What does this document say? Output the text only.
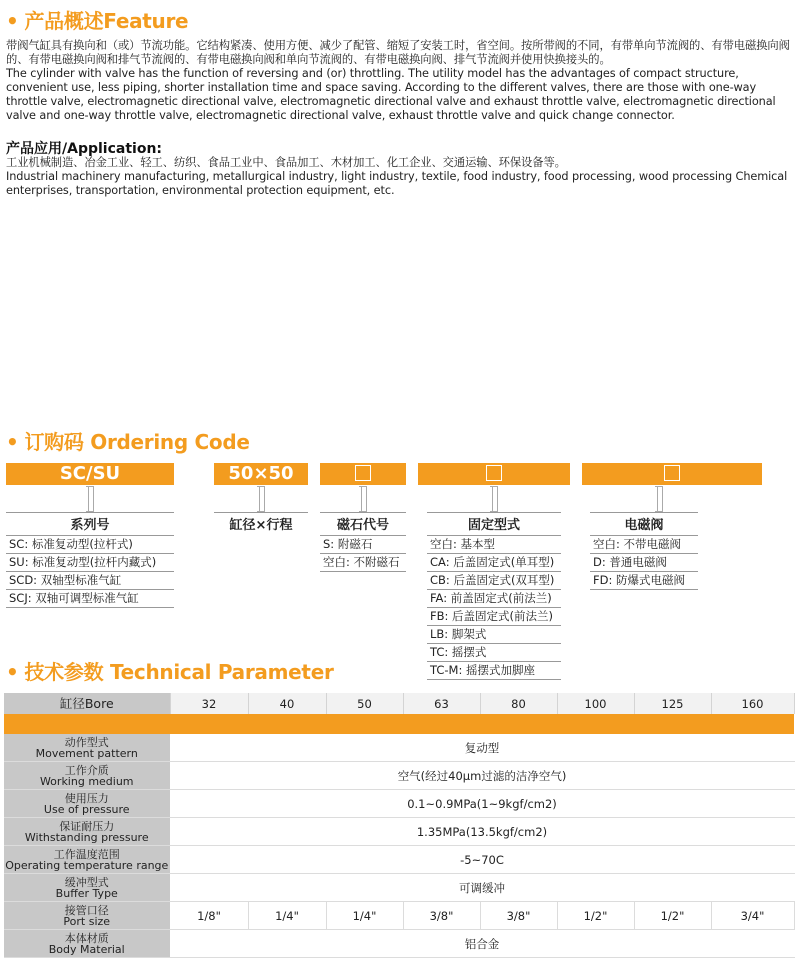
• 产品概述Feature

带阀气缸具有换向和（或）节流功能。它结构紧凑、使用方便、减少了配管、缩短了安装工时，省空间。按所带阀的不同，有带单向节流阀的、有带电磁换向阀的、有带电磁换向阀和排气节流阀的、有带电磁换向阀和单向节流阀的、有带电磁换向阀、排气节流阀并使用快换接头的。

The cylinder with valve has the function of reversing and (or) throttling. The utility model has the advantages of compact structure, convenient use, less piping, shorter installation time and space saving. According to the different valves, there are those with one-way throttle valve, electromagnetic directional valve, electromagnetic directional valve and exhaust throttle valve, electromagnetic directional valve and one-way throttle valve, electromagnetic directional valve, exhaust throttle valve and quick change connector.

产品应用/Application:

工业机械制造、冶金工业、轻工、纺织、食品工业中、食品加工、木材加工、化工企业、交通运输、环保设备等。

Industrial machinery manufacturing, metallurgical industry, light industry, textile, food industry, food processing, wood processing Chemical enterprises, transportation, environmental protection equipment, etc.

• 订购码 Ordering Code
SC/SU	50×50
系列号
SC: 标准复动型(拉杆式)
SU: 标准复动型(拉杆内藏式)
SCD: 双轴型标准气缸
SCJ: 双轴可调型标准气缸
缸径×行程	磁石代号
S: 附磁石
空白: 不附磁石
固定型式
空白: 基本型
CA: 后盖固定式(单耳型)
CB: 后盖固定式(双耳型)
FA: 前盖固定式(前法兰)
FB: 后盖固定式(前法兰)
LB: 脚架式
TC: 摇摆式
TC-M: 摇摆式加脚座
电磁阀
空白: 不带电磁阀
D: 普通电磁阀
FD: 防爆式电磁阀
• 技术参数 Technical Parameter
缸径Bore	32	40	50	63	80	100	125	160

动作型式
Movement pattern	复动型							

工作介质
Working medium	空气(经过40μm过滤的洁净空气)							

使用压力
Use of pressure	0.1~0.9MPa(1~9kgf/cm2)							

保证耐压力
Withstanding pressure	1.35MPa(13.5kgf/cm2)							

工作温度范围
Operating temperature range	-5~70C							

缓冲型式
Buffer Type	可调缓冲							

接管口径
Port size	1/8"	1/4"	1/4"	3/8"	3/8"	1/2"	1/2"	3/4"

本体材质
Body Material	铝合金							
